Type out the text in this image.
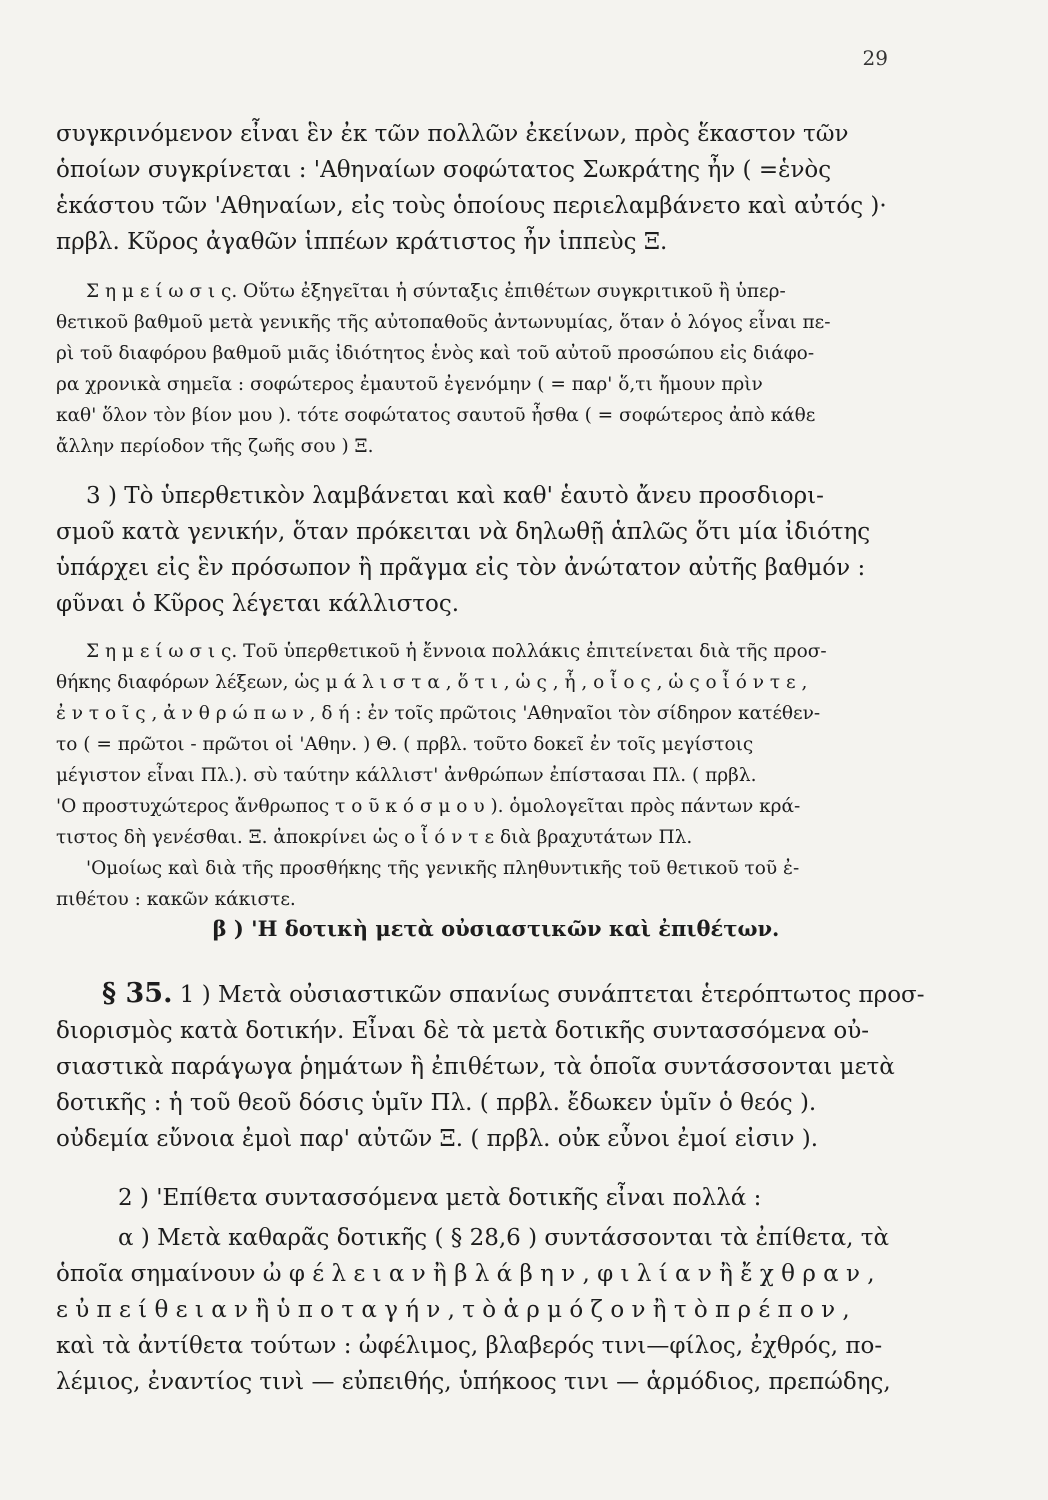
29
συγκρινόμενον εἶναι ἓν ἐκ τῶν πολλῶν ἐκείνων, πρὸς ἕκαστον τῶν
ὁποίων συγκρίνεται : 'Αθηναίων σοφώτατος Σωκράτης ἦν ( =ἑνὸς
ἑκάστου τῶν 'Αθηναίων, εἰς τοὺς ὁποίους περιελαμβάνετο καὶ αὐτός )·
πρβλ. Κῦρος ἀγαθῶν ἱππέων κράτιστος ἦν ἱππεὺς Ξ.
Σ η μ ε ί ω σ ι ς. Οὕτω ἐξηγεῖται ἡ σύνταξις ἐπιθέτων συγκριτικοῦ ἢ ὑπερ-
θετικοῦ βαθμοῦ μετὰ γενικῆς τῆς αὐτοπαθοῦς ἀντωνυμίας, ὅταν ὁ λόγος εἶναι πε-
ρὶ τοῦ διαφόρου βαθμοῦ μιᾶς ἰδιότητος ἑνὸς καὶ τοῦ αὐτοῦ προσώπου εἰς διάφο-
ρα χρονικὰ σημεῖα : σοφώτερος ἐμαυτοῦ ἐγενόμην ( = παρ' ὅ,τι ἤμουν πρὶν
καθ' ὅλον τὸν βίον μου ). τότε σοφώτατος σαυτοῦ ἦσθα ( = σοφώτερος ἀπὸ κάθε
ἄλλην περίοδον τῆς ζωῆς σου ) Ξ.
3 ) Τὸ ὑπερθετικὸν λαμβάνεται καὶ καθ' ἑαυτὸ ἄνευ προσδιορι-
σμοῦ κατὰ γενικήν, ὅταν πρόκειται νὰ δηλωθῇ ἁπλῶς ὅτι μία ἰδιότης
ὑπάρχει εἰς ἓν πρόσωπον ἢ πρᾶγμα εἰς τὸν ἀνώτατον αὐτῆς βαθμόν :
φῦναι ὁ Κῦρος λέγεται κάλλιστος.
Σ η μ ε ί ω σ ι ς. Τοῦ ὑπερθετικοῦ ἡ ἔννοια πολλάκις ἐπιτείνεται διὰ τῆς προσ-
θήκης διαφόρων λέξεων, ὡς μ ά λ ι σ τ α , ὅ τ ι , ὡ ς , ἧ , ο ἷ ο ς , ὡ ς ο ἷ ό ν τ ε ,
ἐ ν τ ο ῖ ς , ἀ ν θ ρ ώ π ω ν , δ ή : ἐν τοῖς πρῶτοις 'Αθηναῖοι τὸν σίδηρον κατέθεν-
το ( = πρῶτοι - πρῶτοι οἱ 'Αθην. ) Θ. ( πρβλ. τοῦτο δοκεῖ ἐν τοῖς μεγίστοις
μέγιστον εἶναι Πλ.). σὺ ταύτην κάλλιστ' ἀνθρώπων ἐπίστασαι Πλ. ( πρβλ.
'Ο προστυχώτερος ἄνθρωπος τ ο ῦ κ ό σ μ ο υ ). ὁμολογεῖται πρὸς πάντων κρά-
τιστος δὴ γενέσθαι. Ξ. ἀποκρίνει ὡς ο ἷ ό ν τ ε διὰ βραχυτάτων Πλ.
'Ομοίως καὶ διὰ τῆς προσθήκης τῆς γενικῆς πληθυντικῆς τοῦ θετικοῦ τοῦ ἐ-
πιθέτου : κακῶν κάκιστε.
β ) 'Η δοτικὴ μετὰ οὐσιαστικῶν καὶ ἐπιθέτων.
§ 35. 1 ) Μετὰ οὐσιαστικῶν σπανίως συνάπτεται ἑτερόπτωτος προσ-
διορισμὸς κατὰ δοτικήν. Εἶναι δὲ τὰ μετὰ δοτικῆς συντασσόμενα οὐ-
σιαστικὰ παράγωγα ῥημάτων ἢ ἐπιθέτων, τὰ ὁποῖα συντάσσονται μετὰ
δοτικῆς : ἡ τοῦ θεοῦ δόσις ὑμῖν Πλ. ( πρβλ. ἔδωκεν ὑμῖν ὁ θεός ).
οὐδεμία εὔνοια ἐμοὶ παρ' αὐτῶν Ξ. ( πρβλ. οὐκ εὖνοι ἐμοί εἰσιν ).
2 ) 'Επίθετα συντασσόμενα μετὰ δοτικῆς εἶναι πολλά :
α ) Μετὰ καθαρᾶς δοτικῆς ( § 28,6 ) συντάσσονται τὰ ἐπίθετα, τὰ
ὁποῖα σημαίνουν ὠ φ έ λ ε ι α ν ἢ β λ ά β η ν , φ ι λ ί α ν ἢ ἔ χ θ ρ α ν ,
ε ὐ π ε ί θ ε ι α ν ἢ ὑ π ο τ α γ ή ν , τ ὸ ἁ ρ μ ό ζ ο ν ἢ τ ὸ π ρ έ π ο ν ,
καὶ τὰ ἀντίθετα τούτων : ὠφέλιμος, βλαβερός τινι—φίλος, ἐχθρός, πο-
λέμιος, ἐναντίος τινὶ — εὐπειθής, ὑπήκοος τινι — ἁρμόδιος, πρεπώδης,
